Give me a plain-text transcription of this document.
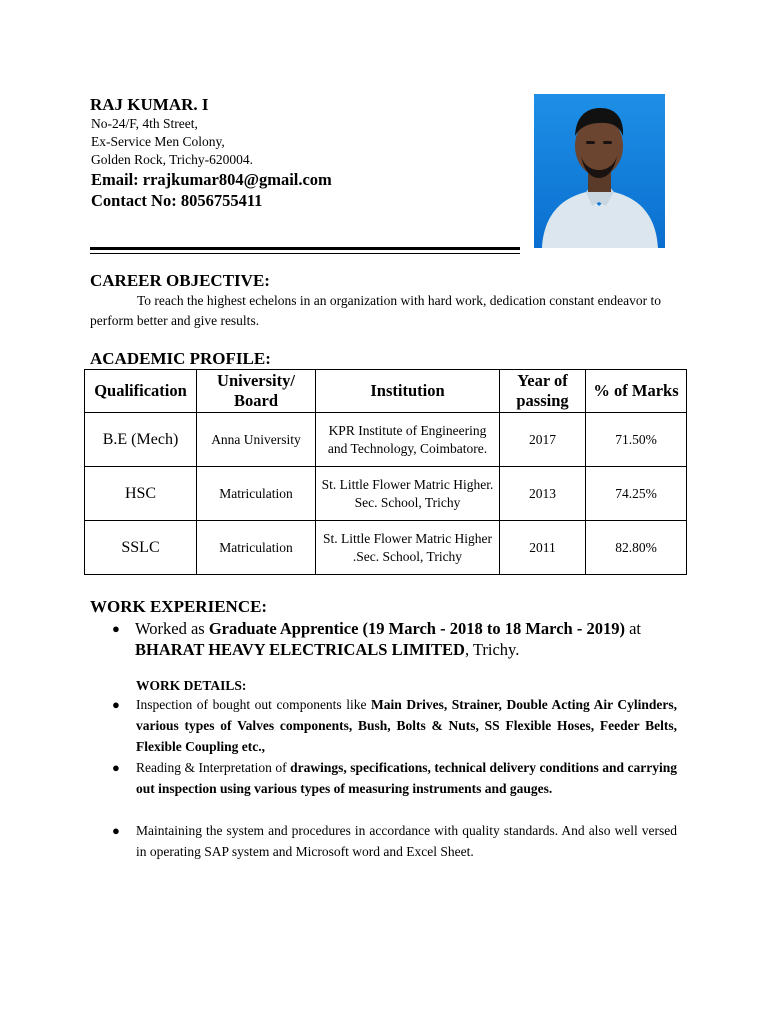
RAJ KUMAR. I
No-24/F, 4th Street,
Ex-Service Men Colony,
Golden Rock, Trichy-620004.
Email: rrajkumar804@gmail.com
Contact No: 8056755411
CAREER OBJECTIVE:
To reach the highest echelons in an organization with hard work, dedication constant endeavor to perform better and give results.
ACADEMIC PROFILE:
Qualification	University/ Board	Institution	Year of passing	% of Marks
B.E (Mech)	Anna University	KPR Institute of Engineering and Technology, Coimbatore.	2017	71.50%
HSC	Matriculation	St. Little Flower Matric Higher. Sec. School, Trichy	2013	74.25%
SSLC	Matriculation	St. Little Flower Matric Higher .Sec. School, Trichy	2011	82.80%
WORK EXPERIENCE:
● Worked as Graduate Apprentice (19 March - 2018 to 18 March - 2019) at
BHARAT HEAVY ELECTRICALS LIMITED, Trichy.
WORK DETAILS:
● Inspection of bought out components like Main Drives, Strainer, Double Acting Air Cylinders, various types of Valves components, Bush, Bolts & Nuts, SS Flexible Hoses, Feeder Belts, Flexible Coupling etc.,
● Reading & Interpretation of drawings, specifications, technical delivery conditions and carrying out inspection using various types of measuring instruments and gauges.
● Maintaining the system and procedures in accordance with quality standards. And also well versed in operating SAP system and Microsoft word and Excel Sheet.
